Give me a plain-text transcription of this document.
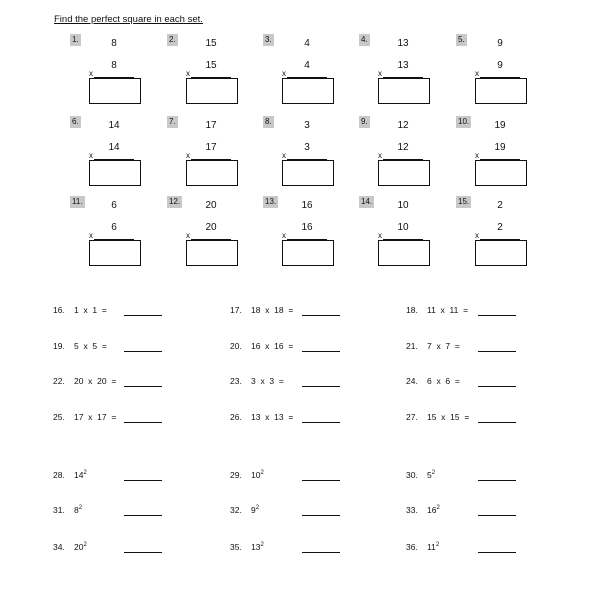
Find the perfect square in each set.
1.	8
8
x
2.	15
15
x
3.	4
4
x
4.	13
13
x
5.	9
9
x
6.	14
14
x
7.	17
17
x
8.	3
3
x
9.	12
12
x
10.	19
19
x
11.	6
6
x
12.	20
20
x
13.	16
16
x
14.	10
10
x
15.	2
2
x
16. 1  x  1  =	17. 18  x  18  =	18. 11  x  11  =
19. 5  x  5  =	20. 16  x  16  =	21. 7  x  7  =
22. 20  x  20  =	23. 3  x  3  =	24. 6  x  6  =
25. 17  x  17  =	26. 13  x  13  =	27. 15  x  15  =
28. $14^2$	29. $10^2$	30. $5^2$
31. $8^2$	32. $9^2$	33. $16^2$
34. $20^2$	35. $13^2$	36. $11^2$
